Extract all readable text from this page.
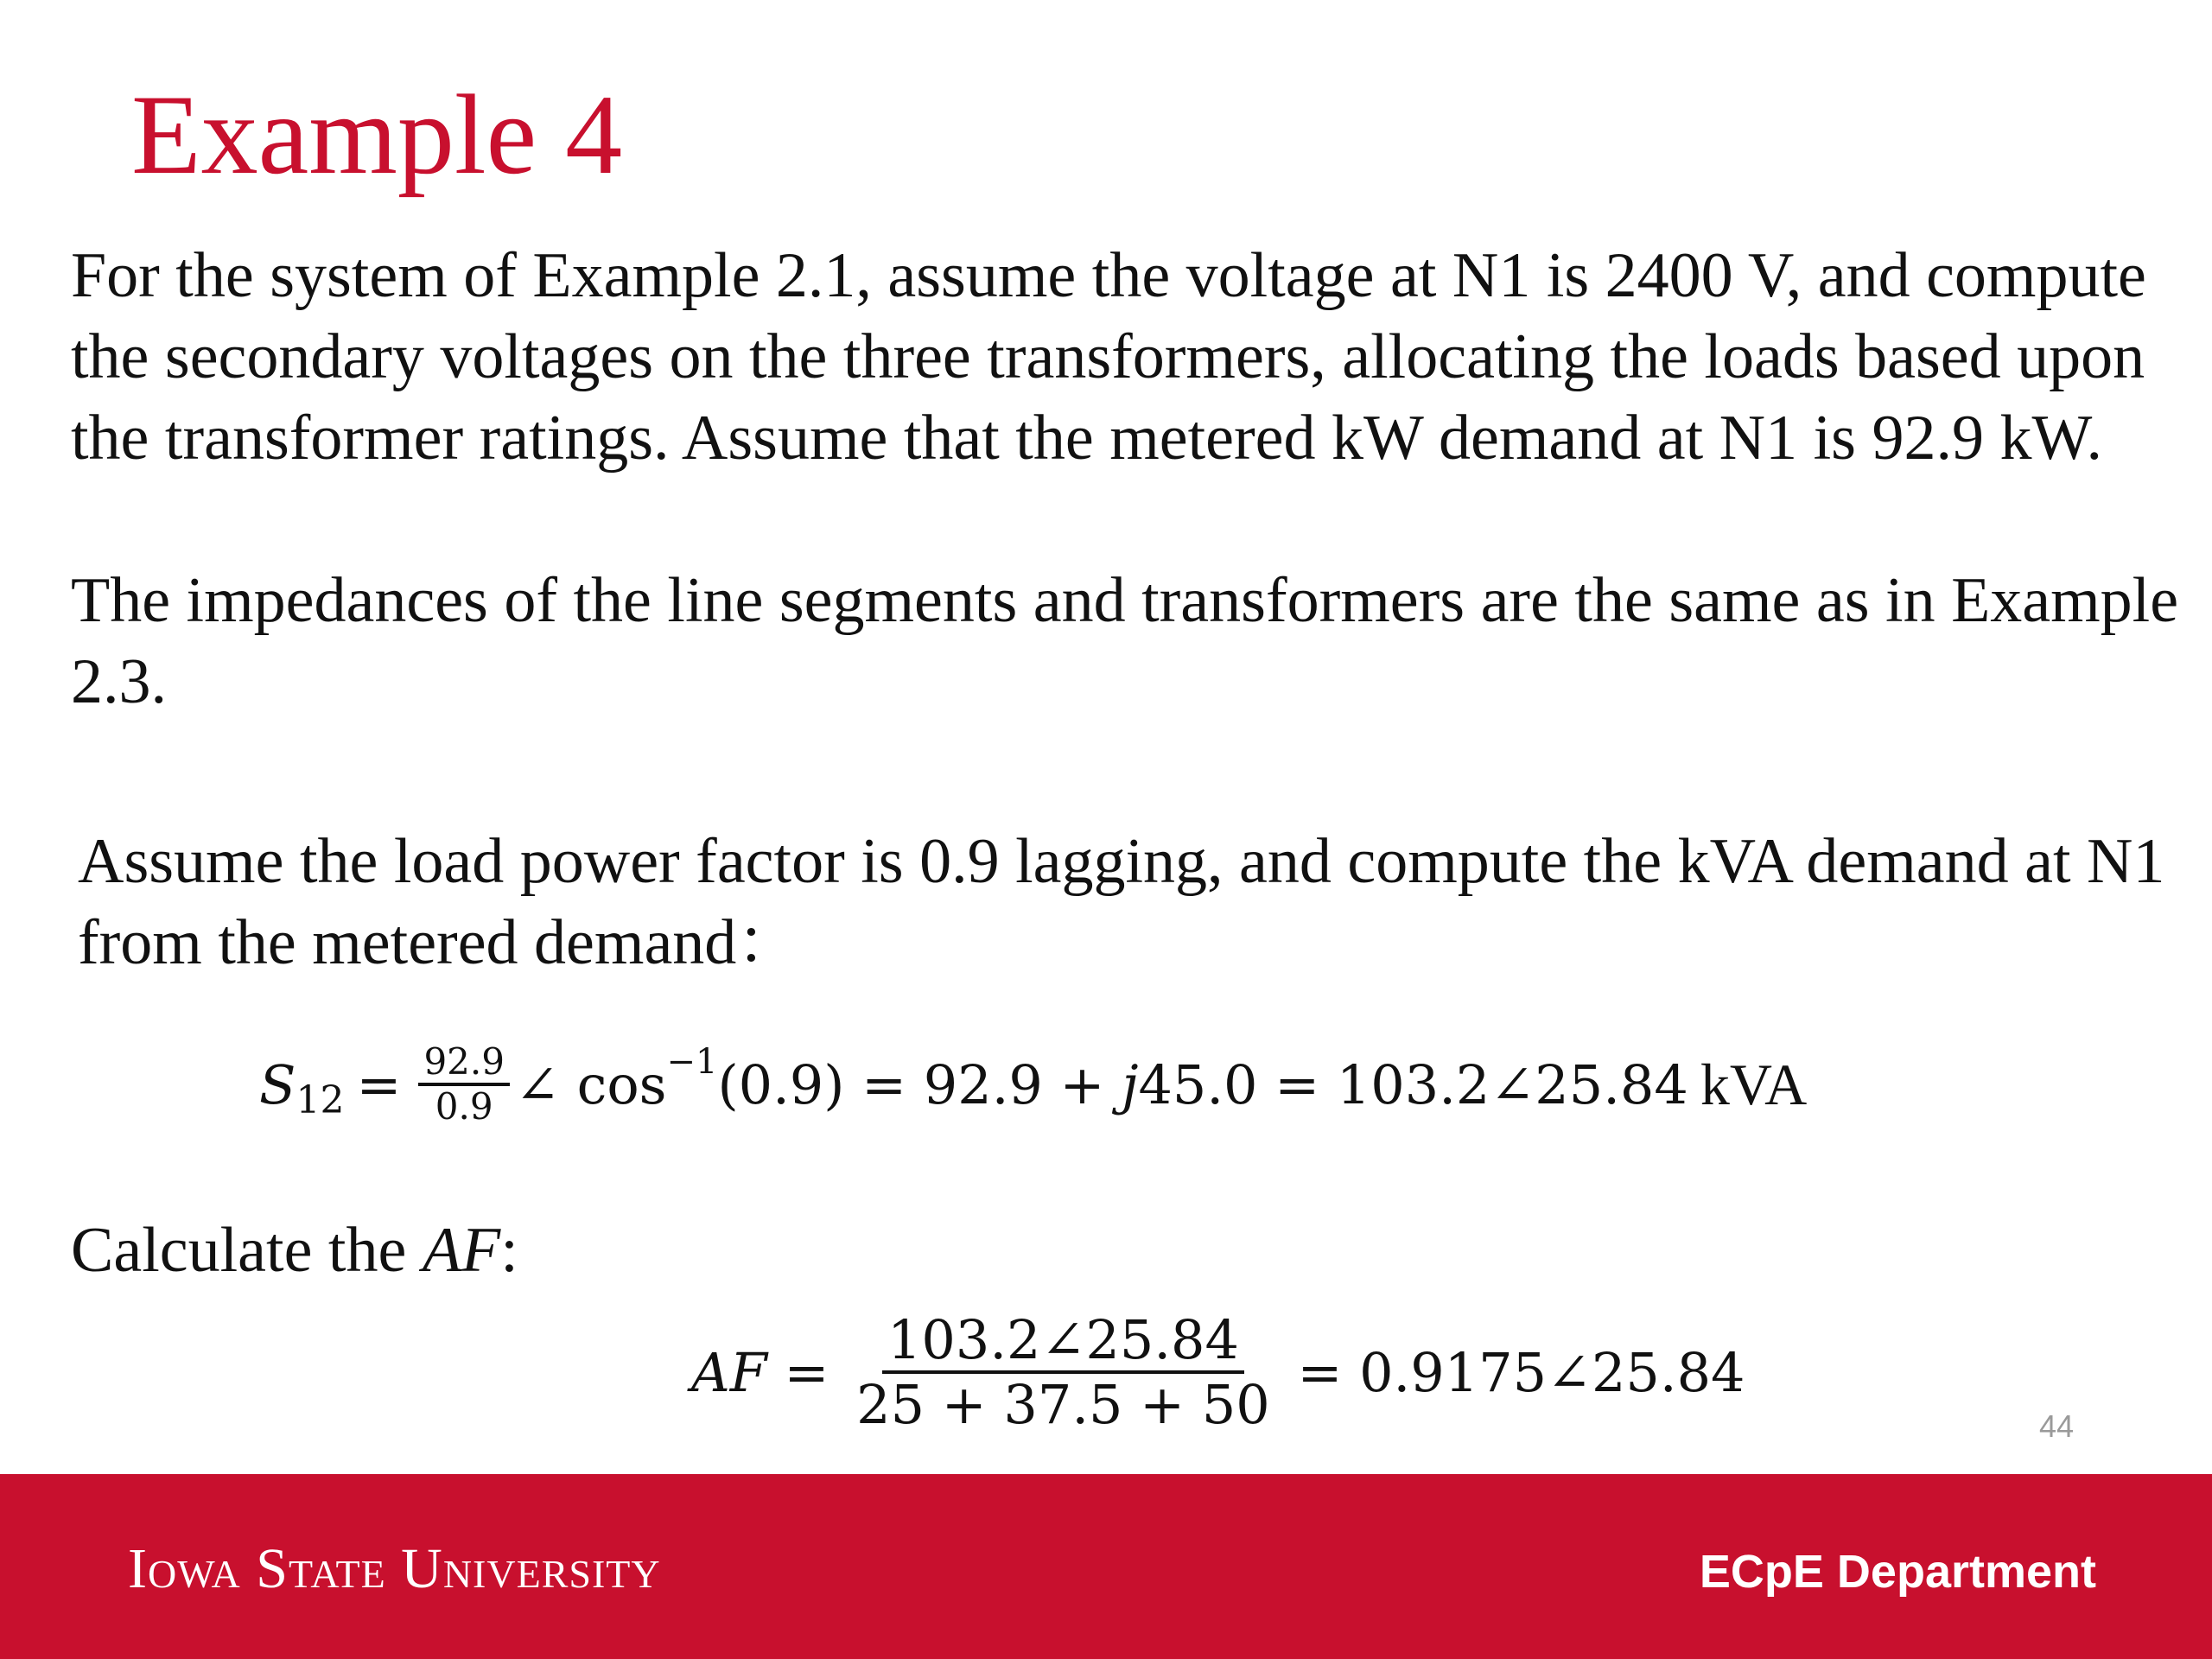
Example 4

For the system of Example 2.1, assume the voltage at N1 is 2400 V, and compute the secondary voltages on the three transformers, allocating the loads based upon the transformer ratings. Assume that the metered kW demand at N1 is 92.9 kW.

The impedances of the line segments and transformers are the same as in Example 2.3.

Assume the load power factor is 0.9 lagging, and compute the kVA demand at N1 from the metered demand：

S $12 = \frac{92.9}{0.9}$ ∠ cos −1 (0.9) = 92.9 + j 45.0 = 103.2∠25.84 kVA

Calculate the AF:

AF = $\frac{103.2\angle 25.84}{25 + 37.5 + 50}$ = 0.9175∠25.84
44
Iowa State University	ECpE Department
